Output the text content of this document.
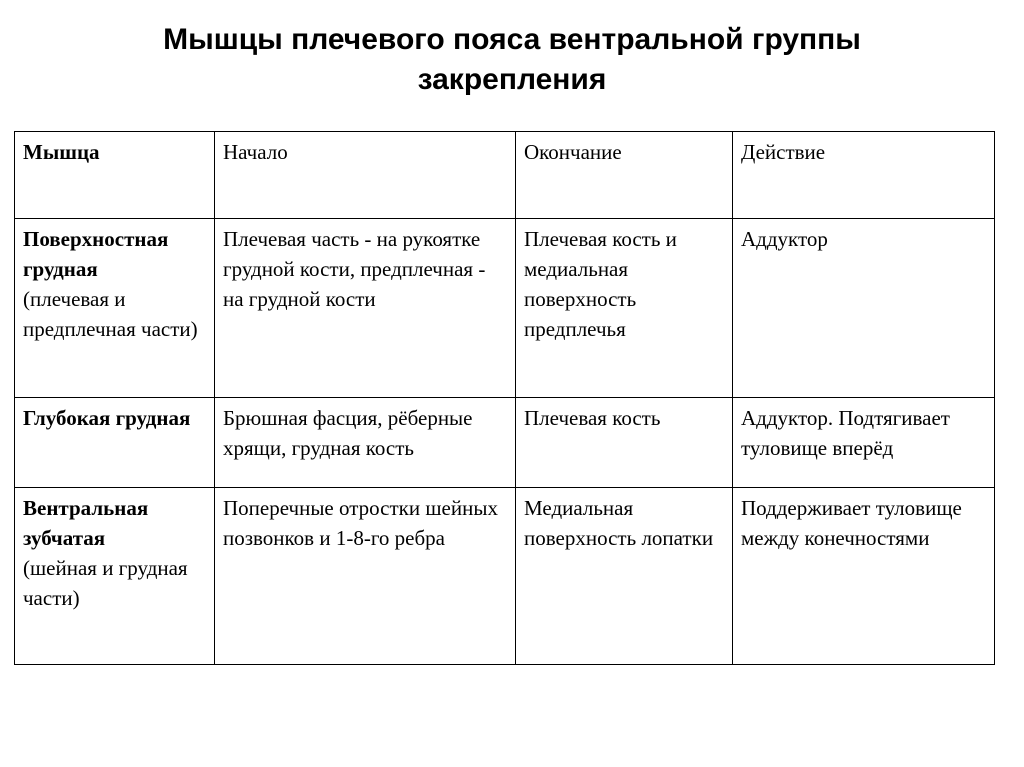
Мышцы плечевого пояса вентральной группы
закрепления
Мышца	Начало	Окончание	Действие

Поверхностная грудная
(плечевая и предплечная части)	Плечевая часть - на рукоятке грудной кости, предплечная - на грудной кости	Плечевая кость и медиальная поверхность предплечья	Аддуктор

Глубокая грудная	Брюшная фасция, рёберные хрящи, грудная кость	Плечевая кость	Аддуктор. Подтягивает туловище вперёд

Вентральная зубчатая
(шейная и грудная части)	Поперечные отростки шейных позвонков и 1-8-го ребра	Медиальная поверхность лопатки	Поддерживает туловище между конечностями
